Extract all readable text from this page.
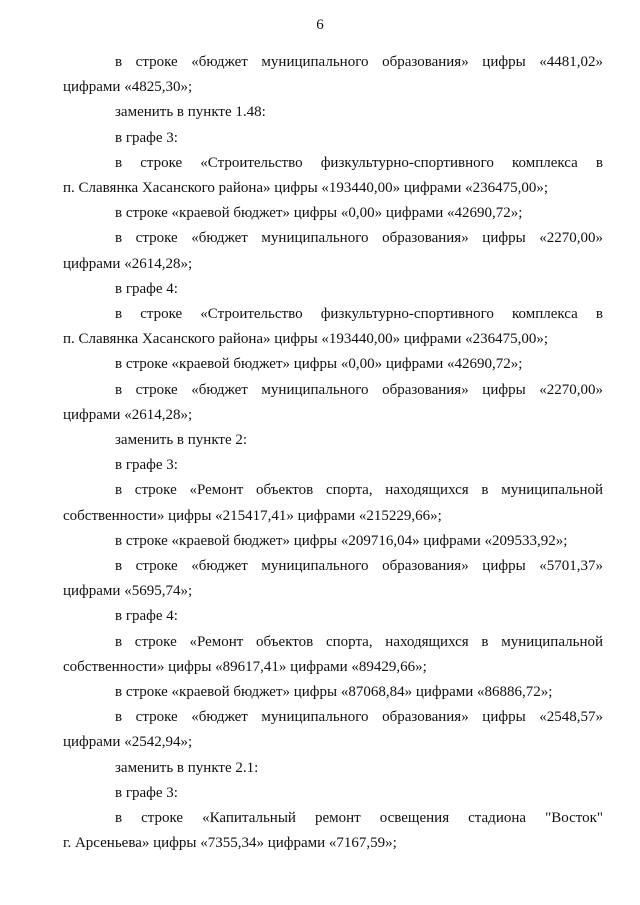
6
в строке «бюджет муниципального образования» цифры «4481,02»
цифрами «4825,30»;
заменить в пункте 1.48:
в графе 3:
в строке «Строительство физкультурно-спортивного комплекса в
п. Славянка Хасанского района» цифры «193440,00» цифрами «236475,00»;
в строке «краевой бюджет» цифры «0,00» цифрами «42690,72»;
в строке «бюджет муниципального образования» цифры «2270,00»
цифрами «2614,28»;
в графе 4:
в строке «Строительство физкультурно-спортивного комплекса в
п. Славянка Хасанского района» цифры «193440,00» цифрами «236475,00»;
в строке «краевой бюджет» цифры «0,00» цифрами «42690,72»;
в строке «бюджет муниципального образования» цифры «2270,00»
цифрами «2614,28»;
заменить в пункте 2:
в графе 3:
в строке «Ремонт объектов спорта, находящихся в муниципальной
собственности» цифры «215417,41» цифрами «215229,66»;
в строке «краевой бюджет» цифры «209716,04» цифрами «209533,92»;
в строке «бюджет муниципального образования» цифры «5701,37»
цифрами «5695,74»;
в графе 4:
в строке «Ремонт объектов спорта, находящихся в муниципальной
собственности» цифры «89617,41» цифрами «89429,66»;
в строке «краевой бюджет» цифры «87068,84» цифрами «86886,72»;
в строке «бюджет муниципального образования» цифры «2548,57»
цифрами «2542,94»;
заменить в пункте 2.1:
в графе 3:
в строке «Капитальный ремонт освещения стадиона "Восток"
г. Арсеньева» цифры «7355,34» цифрами «7167,59»;
